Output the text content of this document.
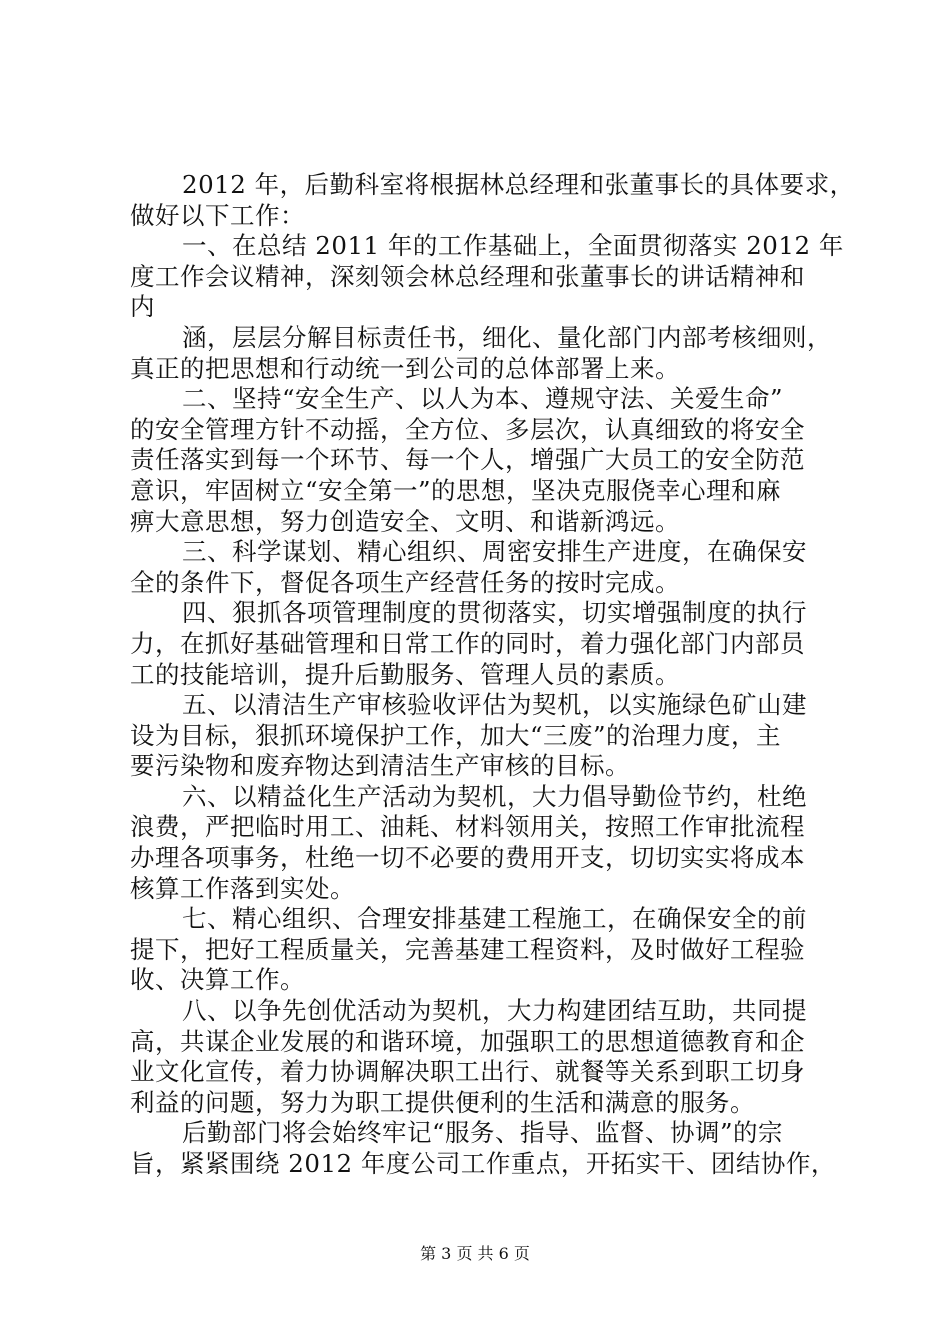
2012 年，后勤科室将根据林总经理和张董事长的具体要求，
做好以下工作：
一、在总结 2011 年的工作基础上，全面贯彻落实 2012 年
度工作会议精神，深刻领会林总经理和张董事长的讲话精神和
内
涵，层层分解目标责任书，细化、量化部门内部考核细则，
真正的把思想和行动统一到公司的总体部署上来。
二、坚持“安全生产、以人为本、遵规守法、关爱生命”
的安全管理方针不动摇，全方位、多层次，认真细致的将安全
责任落实到每一个环节、每一个人，增强广大员工的安全防范
意识，牢固树立“安全第一”的思想，坚决克服侥幸心理和麻
痹大意思想，努力创造安全、文明、和谐新鸿远。
三、科学谋划、精心组织、周密安排生产进度，在确保安
全的条件下，督促各项生产经营任务的按时完成。
四、狠抓各项管理制度的贯彻落实，切实增强制度的执行
力，在抓好基础管理和日常工作的同时，着力强化部门内部员
工的技能培训，提升后勤服务、管理人员的素质。
五、以清洁生产审核验收评估为契机，以实施绿色矿山建
设为目标，狠抓环境保护工作，加大“三废”的治理力度，主
要污染物和废弃物达到清洁生产审核的目标。
六、以精益化生产活动为契机，大力倡导勤俭节约，杜绝
浪费，严把临时用工、油耗、材料领用关，按照工作审批流程
办理各项事务，杜绝一切不必要的费用开支，切切实实将成本
核算工作落到实处。
七、精心组织、合理安排基建工程施工，在确保安全的前
提下，把好工程质量关，完善基建工程资料，及时做好工程验
收、决算工作。
八、以争先创优活动为契机，大力构建团结互助，共同提
高，共谋企业发展的和谐环境，加强职工的思想道德教育和企
业文化宣传，着力协调解决职工出行、就餐等关系到职工切身
利益的问题，努力为职工提供便利的生活和满意的服务。
后勤部门将会始终牢记“服务、指导、监督、协调”的宗
旨，紧紧围绕 2012 年度公司工作重点，开拓实干、团结协作，
第 3 页 共 6 页
